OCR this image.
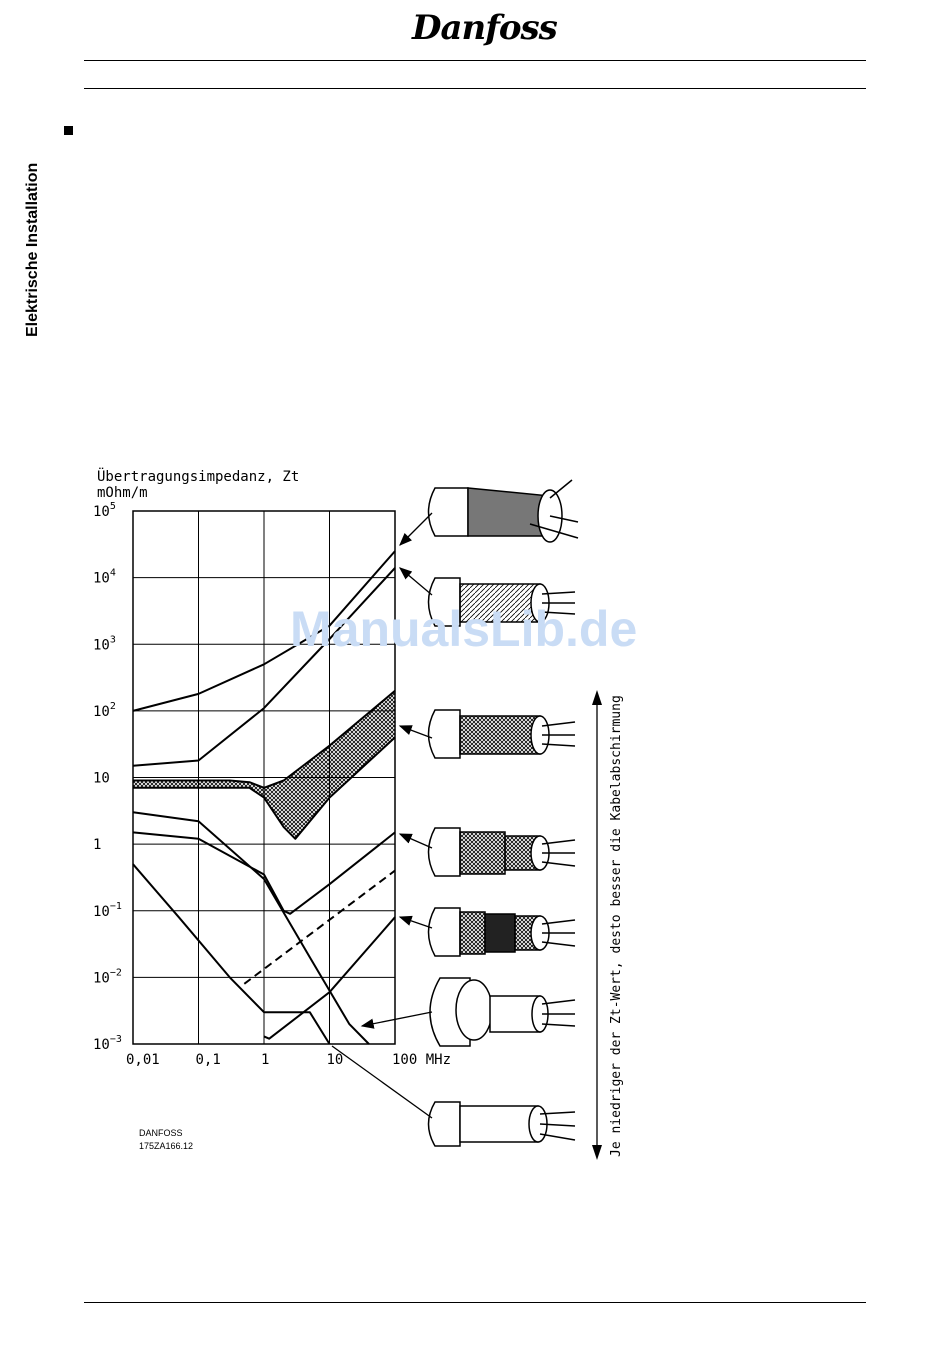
Danfoss
Elektrische Installation
0,01	0,1	1	10	100 MHz
$10^{-3}$
$10^{-2}$
$10^{-1}$
1
10
$10^2$
$10^3$
$10^4$
$10^5$
Übertragungsimpedanz, Zt
mOhm/m
Je niedriger der Zt-Wert, desto besser die Kabelabschirmung
ManualsLib.de
DANFOSS
175ZA166.12
